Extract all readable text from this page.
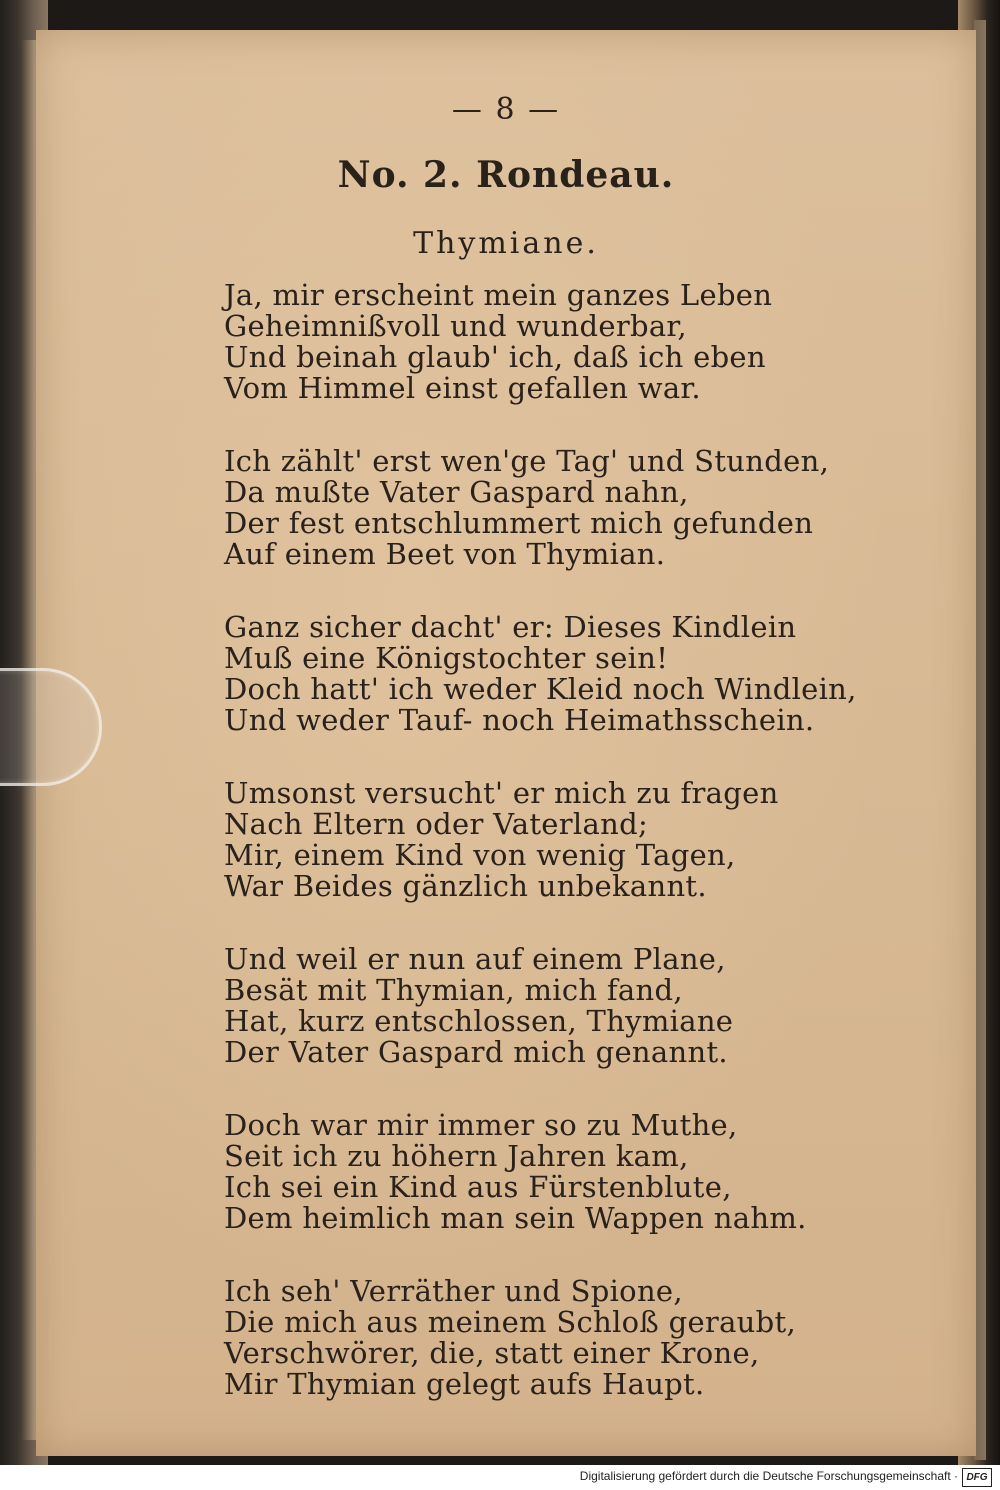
— 8 —
No. 2. Rondeau.
Thymiane.
Ja, mir erscheint mein ganzes Leben
Geheimnißvoll und wunderbar,
Und beinah glaub' ich, daß ich eben
Vom Himmel einst gefallen war.
Ich zählt' erst wen'ge Tag' und Stunden,
Da mußte Vater Gaspard nahn,
Der fest entschlummert mich gefunden
Auf einem Beet von Thymian.
Ganz sicher dacht' er: Dieses Kindlein
Muß eine Königstochter sein!
Doch hatt' ich weder Kleid noch Windlein,
Und weder Tauf- noch Heimathsschein.
Umsonst versucht' er mich zu fragen
Nach Eltern oder Vaterland;
Mir, einem Kind von wenig Tagen,
War Beides gänzlich unbekannt.
Und weil er nun auf einem Plane,
Besät mit Thymian, mich fand,
Hat, kurz entschlossen, Thymiane
Der Vater Gaspard mich genannt.
Doch war mir immer so zu Muthe,
Seit ich zu höhern Jahren kam,
Ich sei ein Kind aus Fürstenblute,
Dem heimlich man sein Wappen nahm.
Ich seh' Verräther und Spione,
Die mich aus meinem Schloß geraubt,
Verschwörer, die, statt einer Krone,
Mir Thymian gelegt aufs Haupt.
Digitalisierung gefördert durch die Deutsche Forschungsgemeinschaft · DFG
